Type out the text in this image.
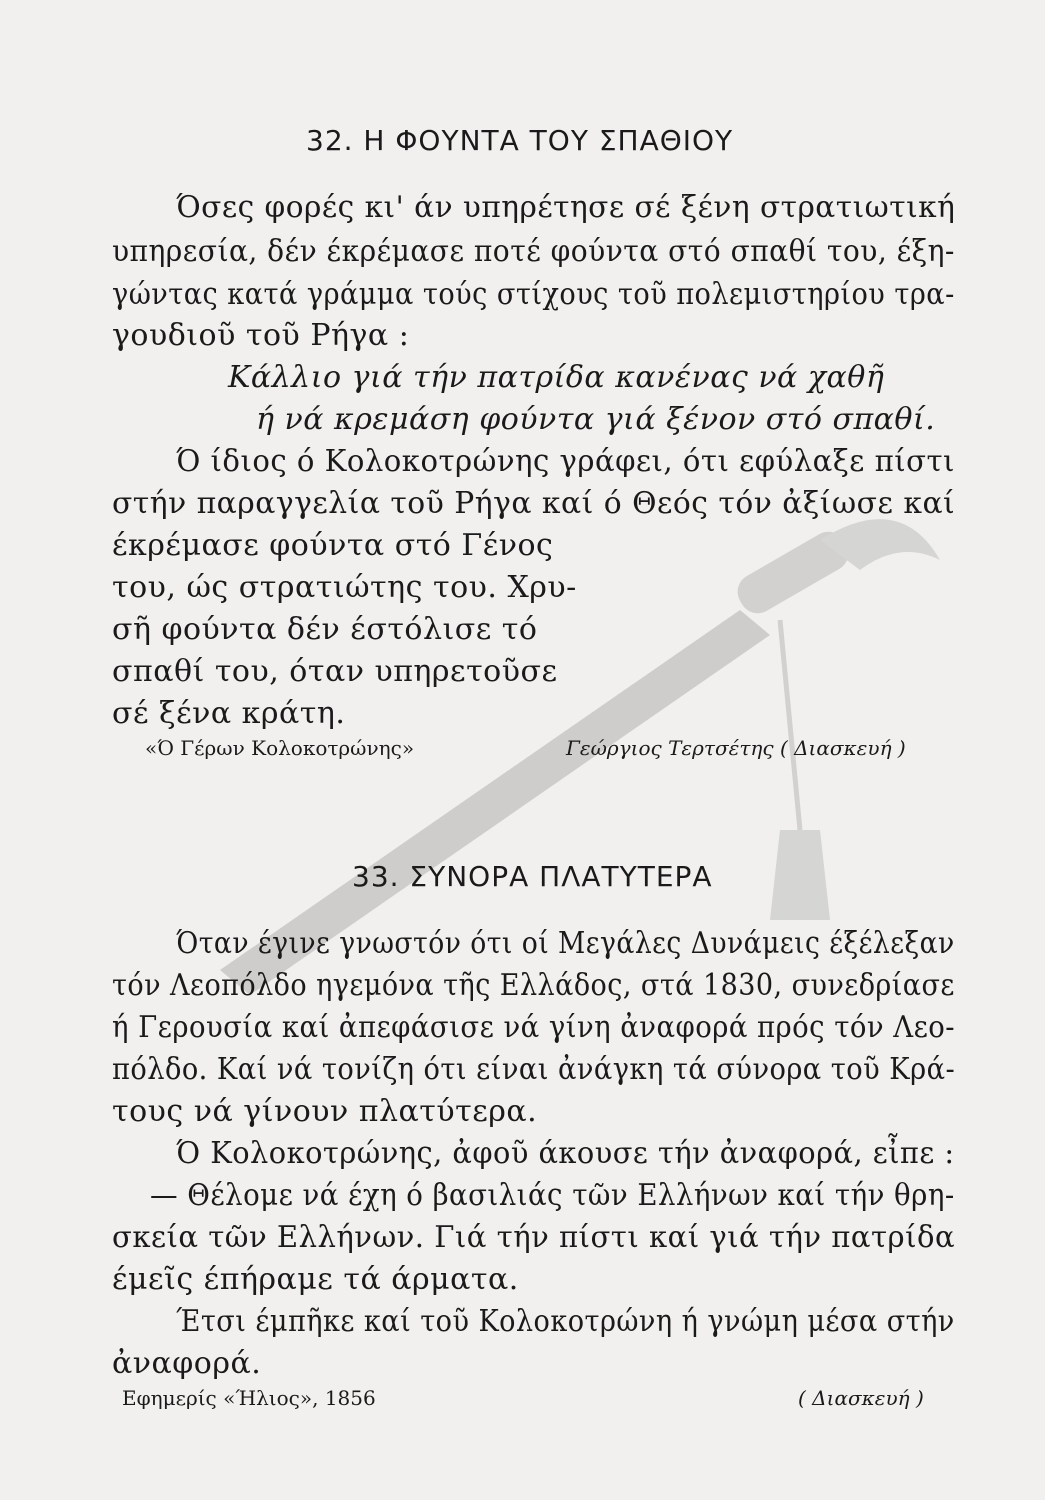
32. Η ΦΟΥΝΤΑ ΤΟΥ ΣΠΑΘΙΟΥ
Όσες φορές κι' άν υπηρέτησε σέ ξένη στρατιωτική
υπηρεσία, δέν έκρέμασε ποτέ φούντα στό σπαθί του, έξη-
γώντας κατά γράμμα τούς στίχους τοῦ πολεμιστηρίου τρα-
γουδιοῦ τοῦ Ρήγα :
Κάλλιο γιά τήν πατρίδα κανένας νά χαθῆ
ή νά κρεμάση φούντα γιά ξένον στό σπαθί.
Ό ίδιος ό Κολοκοτρώνης γράφει, ότι εφύλαξε πίστι
στήν παραγγελία τοῦ Ρήγα καί ό Θεός τόν ἀξίωσε καί
έκρέμασε φούντα στό Γένος
του, ώς στρατιώτης του. Χρυ-
σῆ φούντα δέν έστόλισε τό
σπαθί του, όταν υπηρετοῦσε
σέ ξένα κράτη.
«Ό Γέρων Κολοκοτρώνης»	Γεώργιος Τερτσέτης ( Διασκευή )
33. ΣΥΝΟΡΑ ΠΛΑΤΥΤΕΡΑ
Όταν έγινε γνωστόν ότι οί Μεγάλες Δυνάμεις έξέλεξαν
τόν Λεοπόλδο ηγεμόνα τῆς Ελλάδος, στά 1830, συνεδρίασε
ή Γερουσία καί ἀπεφάσισε νά γίνη ἀναφορά πρός τόν Λεο-
πόλδο. Καί νά τονίζη ότι είναι ἀνάγκη τά σύνορα τοῦ Κρά-
τους νά γίνουν πλατύτερα.
Ό Κολοκοτρώνης, ἀφοῦ άκουσε τήν ἀναφορά, εἶπε :
— Θέλομε νά έχη ό βασιλιάς τῶν Ελλήνων καί τήν θρη-
σκεία τῶν Ελλήνων. Γιά τήν πίστι καί γιά τήν πατρίδα
έμεῖς έπήραμε τά άρματα.
Έτσι έμπῆκε καί τοῦ Κολοκοτρώνη ή γνώμη μέσα στήν
ἀναφορά.
Εφημερίς «Ήλιος», 1856	( Διασκευή )
